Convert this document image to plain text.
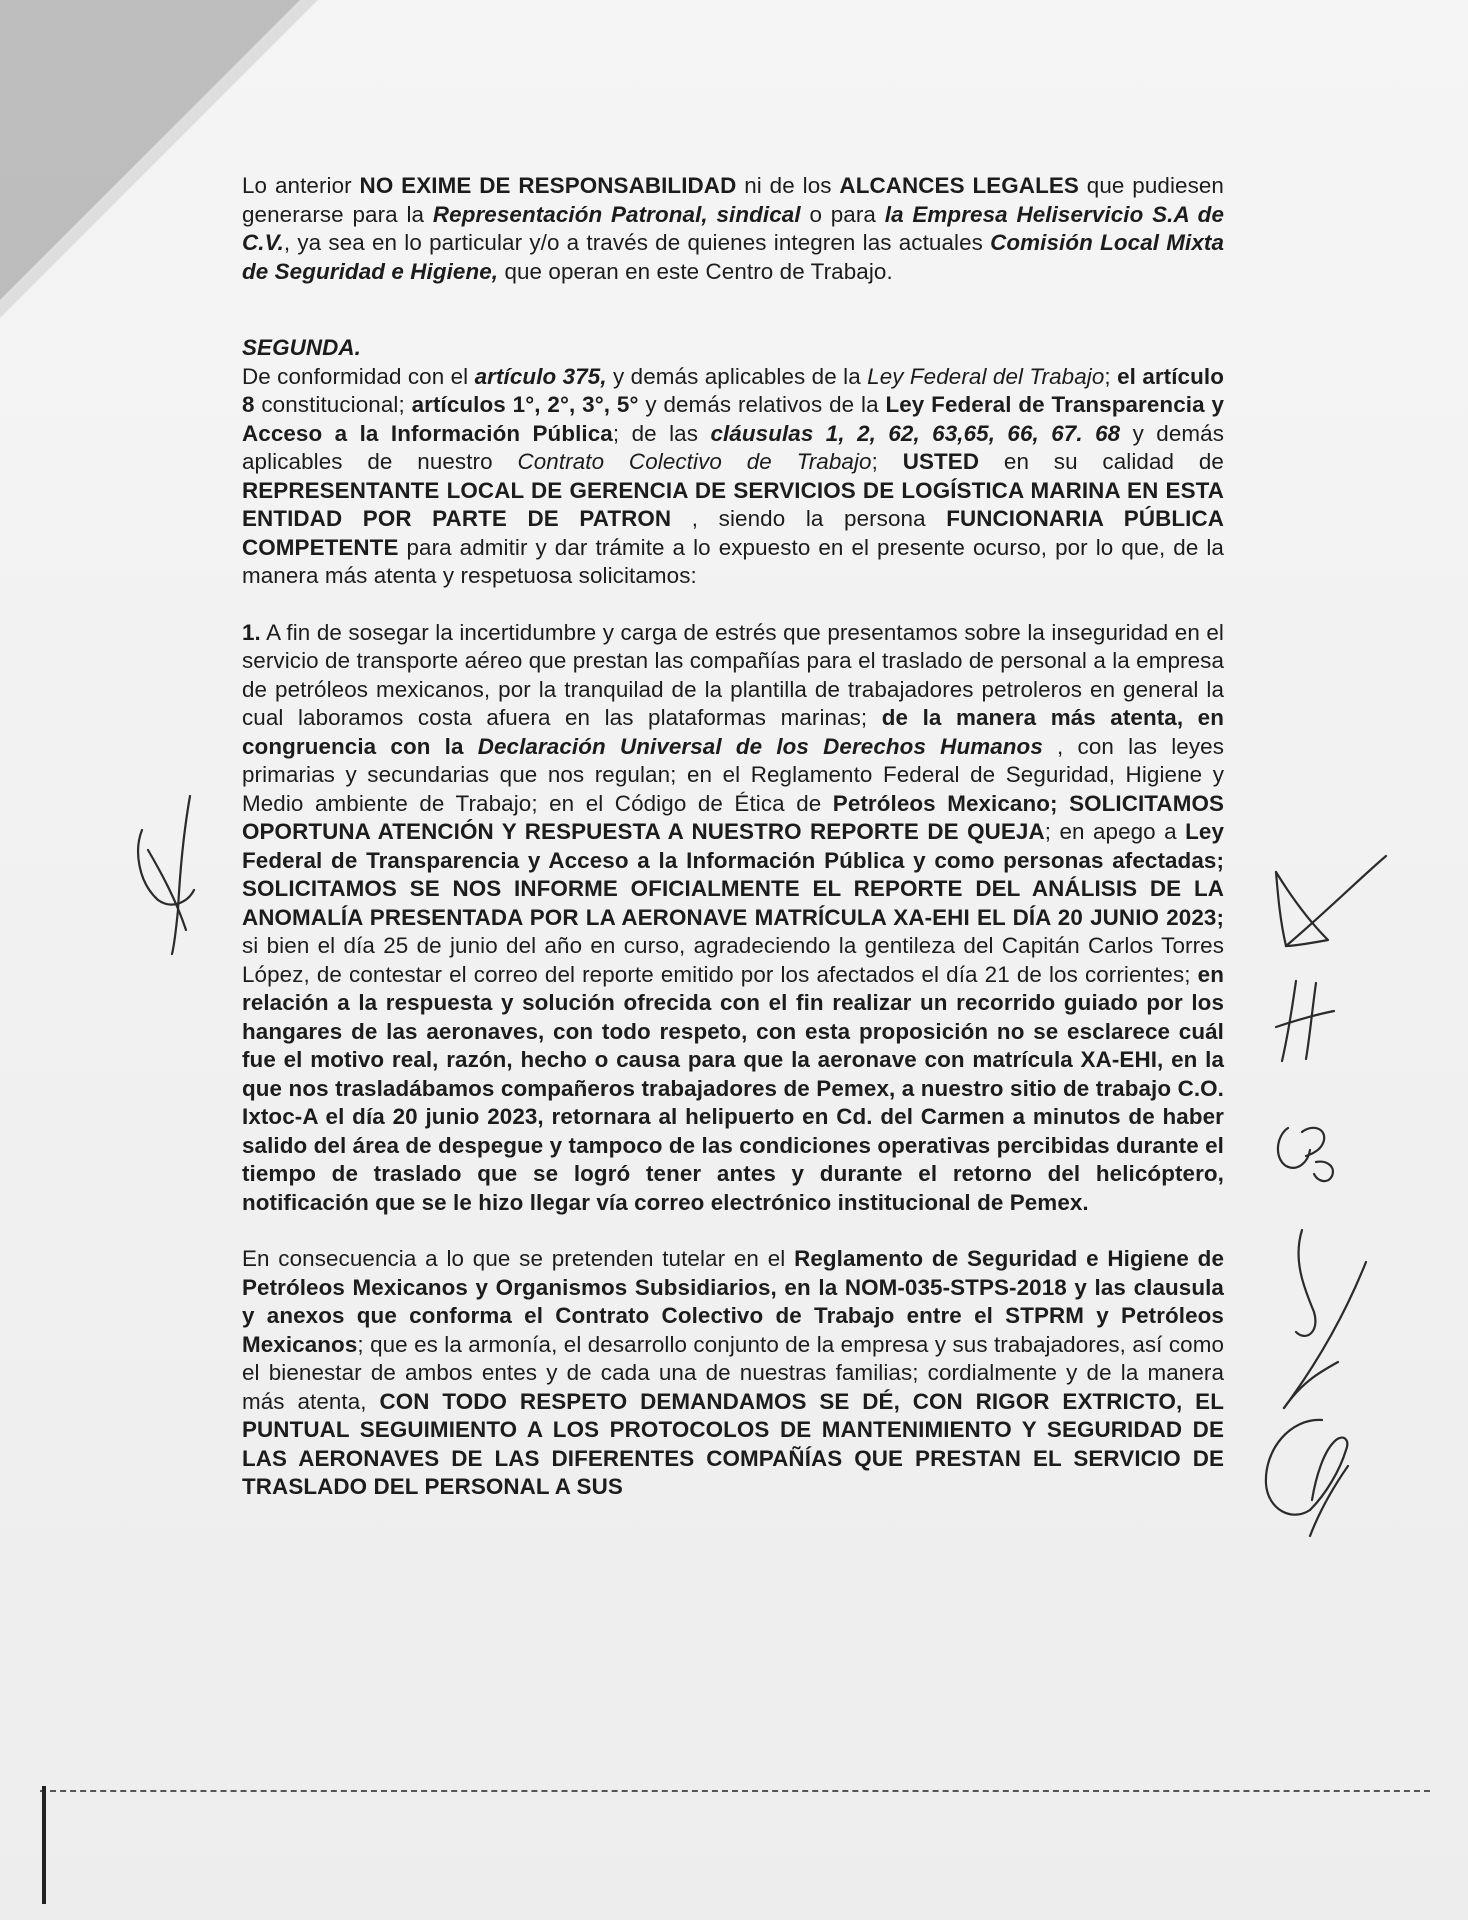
Lo anterior NO EXIME DE RESPONSABILIDAD ni de los ALCANCES LEGALES que pudiesen generarse para la Representación Patronal, sindical o para la Empresa Heliservicio S.A de C.V., ya sea en lo particular y/o a través de quienes integren las actuales Comisión Local Mixta de Seguridad e Higiene, que operan en este Centro de Trabajo.

SEGUNDA.

De conformidad con el artículo 375, y demás aplicables de la Ley Federal del Trabajo; el artículo 8 constitucional; artículos 1°, 2°, 3°, 5° y demás relativos de la Ley Federal de Transparencia y Acceso a la Información Pública; de las cláusulas 1, 2, 62, 63,65, 66, 67. 68 y demás aplicables de nuestro Contrato Colectivo de Trabajo; USTED en su calidad de REPRESENTANTE LOCAL DE GERENCIA DE SERVICIOS DE LOGÍSTICA MARINA EN ESTA ENTIDAD POR PARTE DE PATRON , siendo la persona FUNCIONARIA PÚBLICA COMPETENTE para admitir y dar trámite a lo expuesto en el presente ocurso, por lo que, de la manera más atenta y respetuosa solicitamos:

1. A fin de sosegar la incertidumbre y carga de estrés que presentamos sobre la inseguridad en el servicio de transporte aéreo que prestan las compañías para el traslado de personal a la empresa de petróleos mexicanos, por la tranquilad de la plantilla de trabajadores petroleros en general la cual laboramos costa afuera en las plataformas marinas; de la manera más atenta, en congruencia con la Declaración Universal de los Derechos Humanos , con las leyes primarias y secundarias que nos regulan; en el Reglamento Federal de Seguridad, Higiene y Medio ambiente de Trabajo; en el Código de Ética de Petróleos Mexicano; SOLICITAMOS OPORTUNA ATENCIÓN Y RESPUESTA A NUESTRO REPORTE DE QUEJA; en apego a Ley Federal de Transparencia y Acceso a la Información Pública y como personas afectadas; SOLICITAMOS SE NOS INFORME OFICIALMENTE EL REPORTE DEL ANÁLISIS DE LA ANOMALÍA PRESENTADA POR LA AERONAVE MATRÍCULA XA-EHI EL DÍA 20 JUNIO 2023; si bien el día 25 de junio del año en curso, agradeciendo la gentileza del Capitán Carlos Torres López, de contestar el correo del reporte emitido por los afectados el día 21 de los corrientes; en relación a la respuesta y solución ofrecida con el fin realizar un recorrido guiado por los hangares de las aeronaves, con todo respeto, con esta proposición no se esclarece cuál fue el motivo real, razón, hecho o causa para que la aeronave con matrícula XA-EHI, en la que nos trasladábamos compañeros trabajadores de Pemex, a nuestro sitio de trabajo C.O. Ixtoc-A el día 20 junio 2023, retornara al helipuerto en Cd. del Carmen a minutos de haber salido del área de despegue y tampoco de las condiciones operativas percibidas durante el tiempo de traslado que se logró tener antes y durante el retorno del helicóptero, notificación que se le hizo llegar vía correo electrónico institucional de Pemex.

En consecuencia a lo que se pretenden tutelar en el Reglamento de Seguridad e Higiene de Petróleos Mexicanos y Organismos Subsidiarios, en la NOM-035-STPS-2018 y las clausula y anexos que conforma el Contrato Colectivo de Trabajo entre el STPRM y Petróleos Mexicanos; que es la armonía, el desarrollo conjunto de la empresa y sus trabajadores, así como el bienestar de ambos entes y de cada una de nuestras familias; cordialmente y de la manera más atenta, CON TODO RESPETO DEMANDAMOS SE DÉ, CON RIGOR EXTRICTO, EL PUNTUAL SEGUIMIENTO A LOS PROTOCOLOS DE MANTENIMIENTO Y SEGURIDAD DE LAS AERONAVES DE LAS DIFERENTES COMPAÑÍAS QUE PRESTAN EL SERVICIO DE TRASLADO DEL PERSONAL A SUS
